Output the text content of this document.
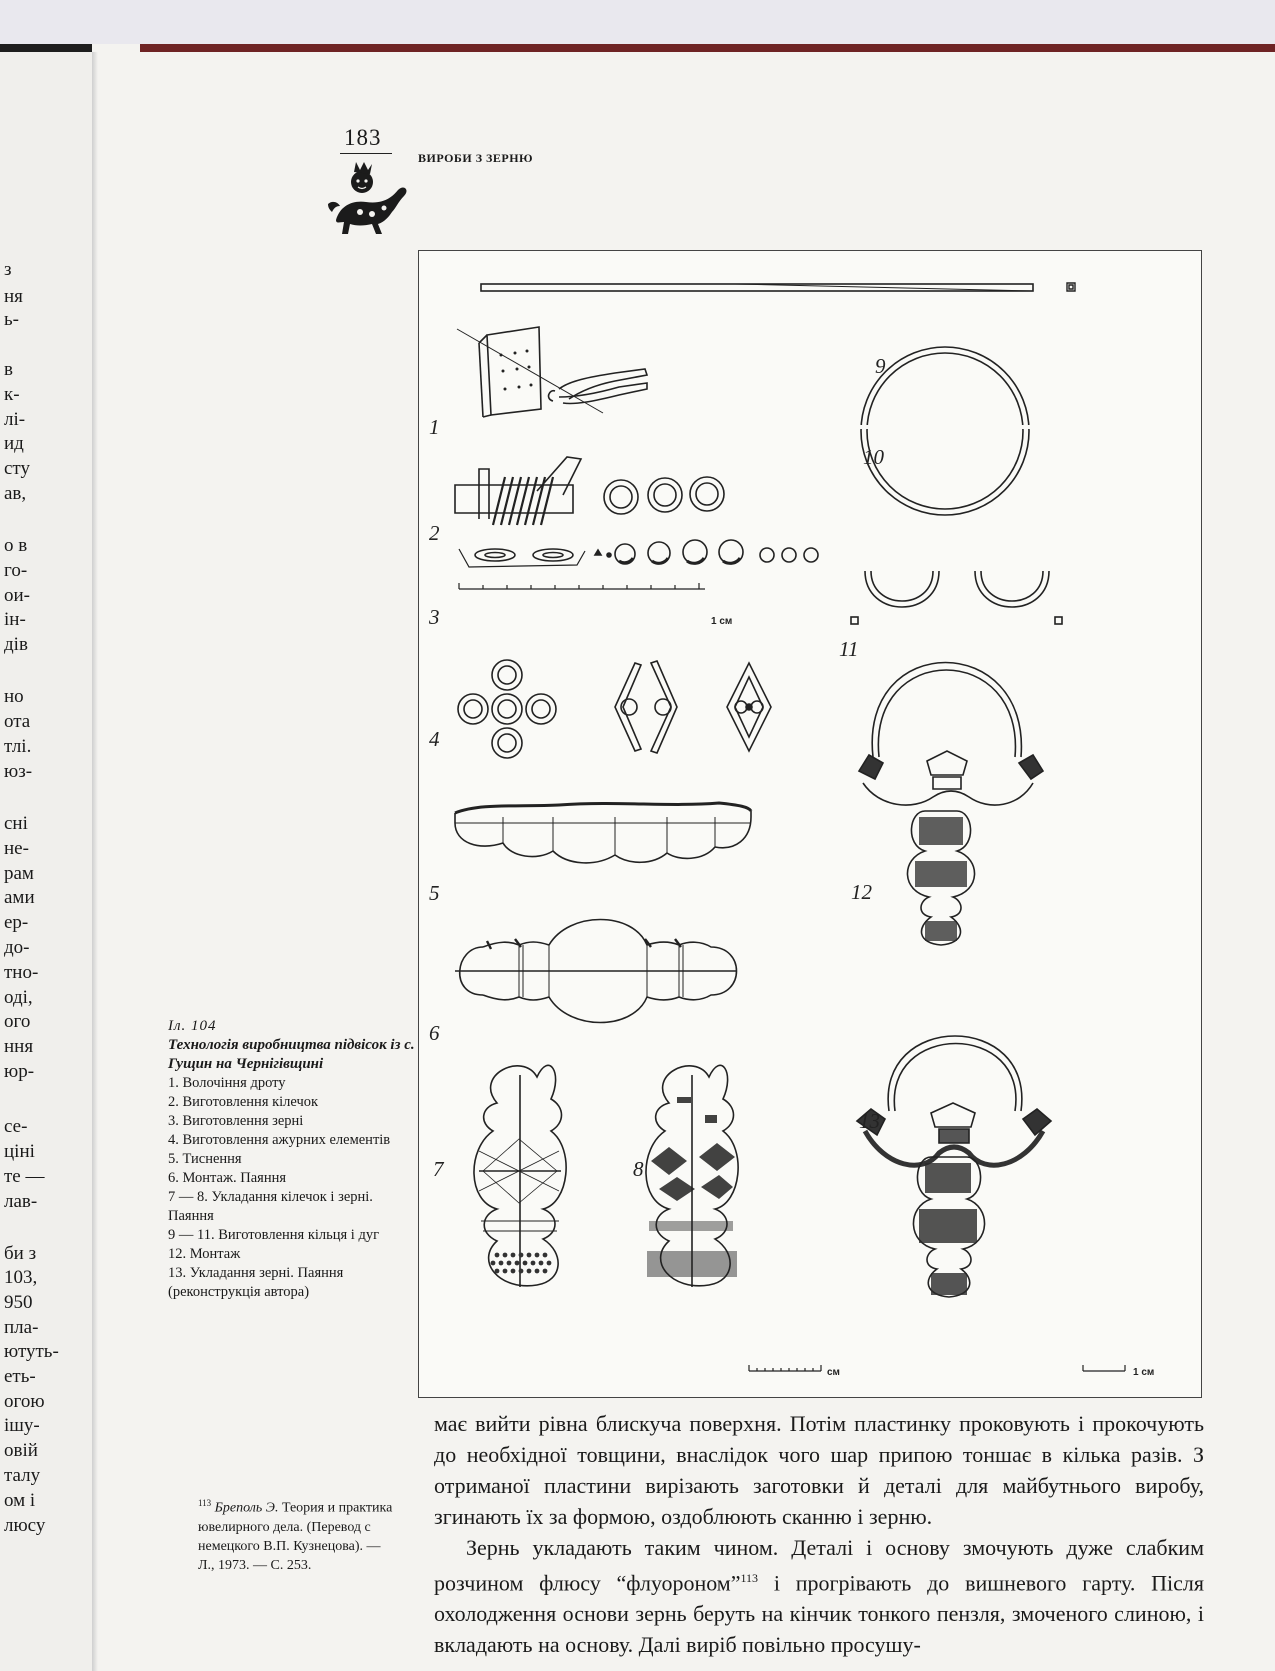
з
ня
ь-
в
к-
лі-
ид
сту
ав,
о в
го-
ои-
ін-
дів
но
ота
тлі.
юз-
сні
не-
рам
ами
ер-
до-
тно-
оді,
ого
ння
юр-
се-
ціні
те —
лав-
би з
103,
950
пла-
ютуть-
еть-
огою
ішу-
овій
талу
ом і
люсу
183
ВИРОБИ З ЗЕРНЮ
1
2
3
4
5
6
7	8
9
10
11
12
13
1 см
см	1 см
Іл. 104
Технологія виробництва підвісок із с. Гущин на Чернігівщині
1. Волочіння дроту
2. Виготовлення кілечок
3. Виготовлення зерні
4. Виготовлення ажурних елементів
5. Тиснення
6. Монтаж. Паяння
7 — 8. Укладання кілечок і зерні. Паяння
9 — 11. Виготовлення кільця і дуг
12. Монтаж
13. Укладання зерні. Паяння (реконструкція автора)
$^{113}$ Бреполь Э. Теория и практика ювелирного дела. (Перевод с немецкого В.П. Кузнецова). — Л., 1973. — С. 253.

має вийти рівна блискуча поверхня. Потім пластинку проковують і прокочують до необхідної товщини, внаслідок чого шар припою тоншає в кілька разів. З отриманої пластини вирізають заготовки й деталі для майбутнього виробу, згинають їх за формою, оздоблюють сканню і зерню.

Зернь укладають таким чином. Деталі і основу змочують дуже слабким розчином флюсу “флуороном”$^{113}$ і прогрівають до вишневого гарту. Після охолодження основи зернь беруть на кінчик тонкого пензля, змоченого слиною, і вкладають на основу. Далі виріб повільно просушу-
